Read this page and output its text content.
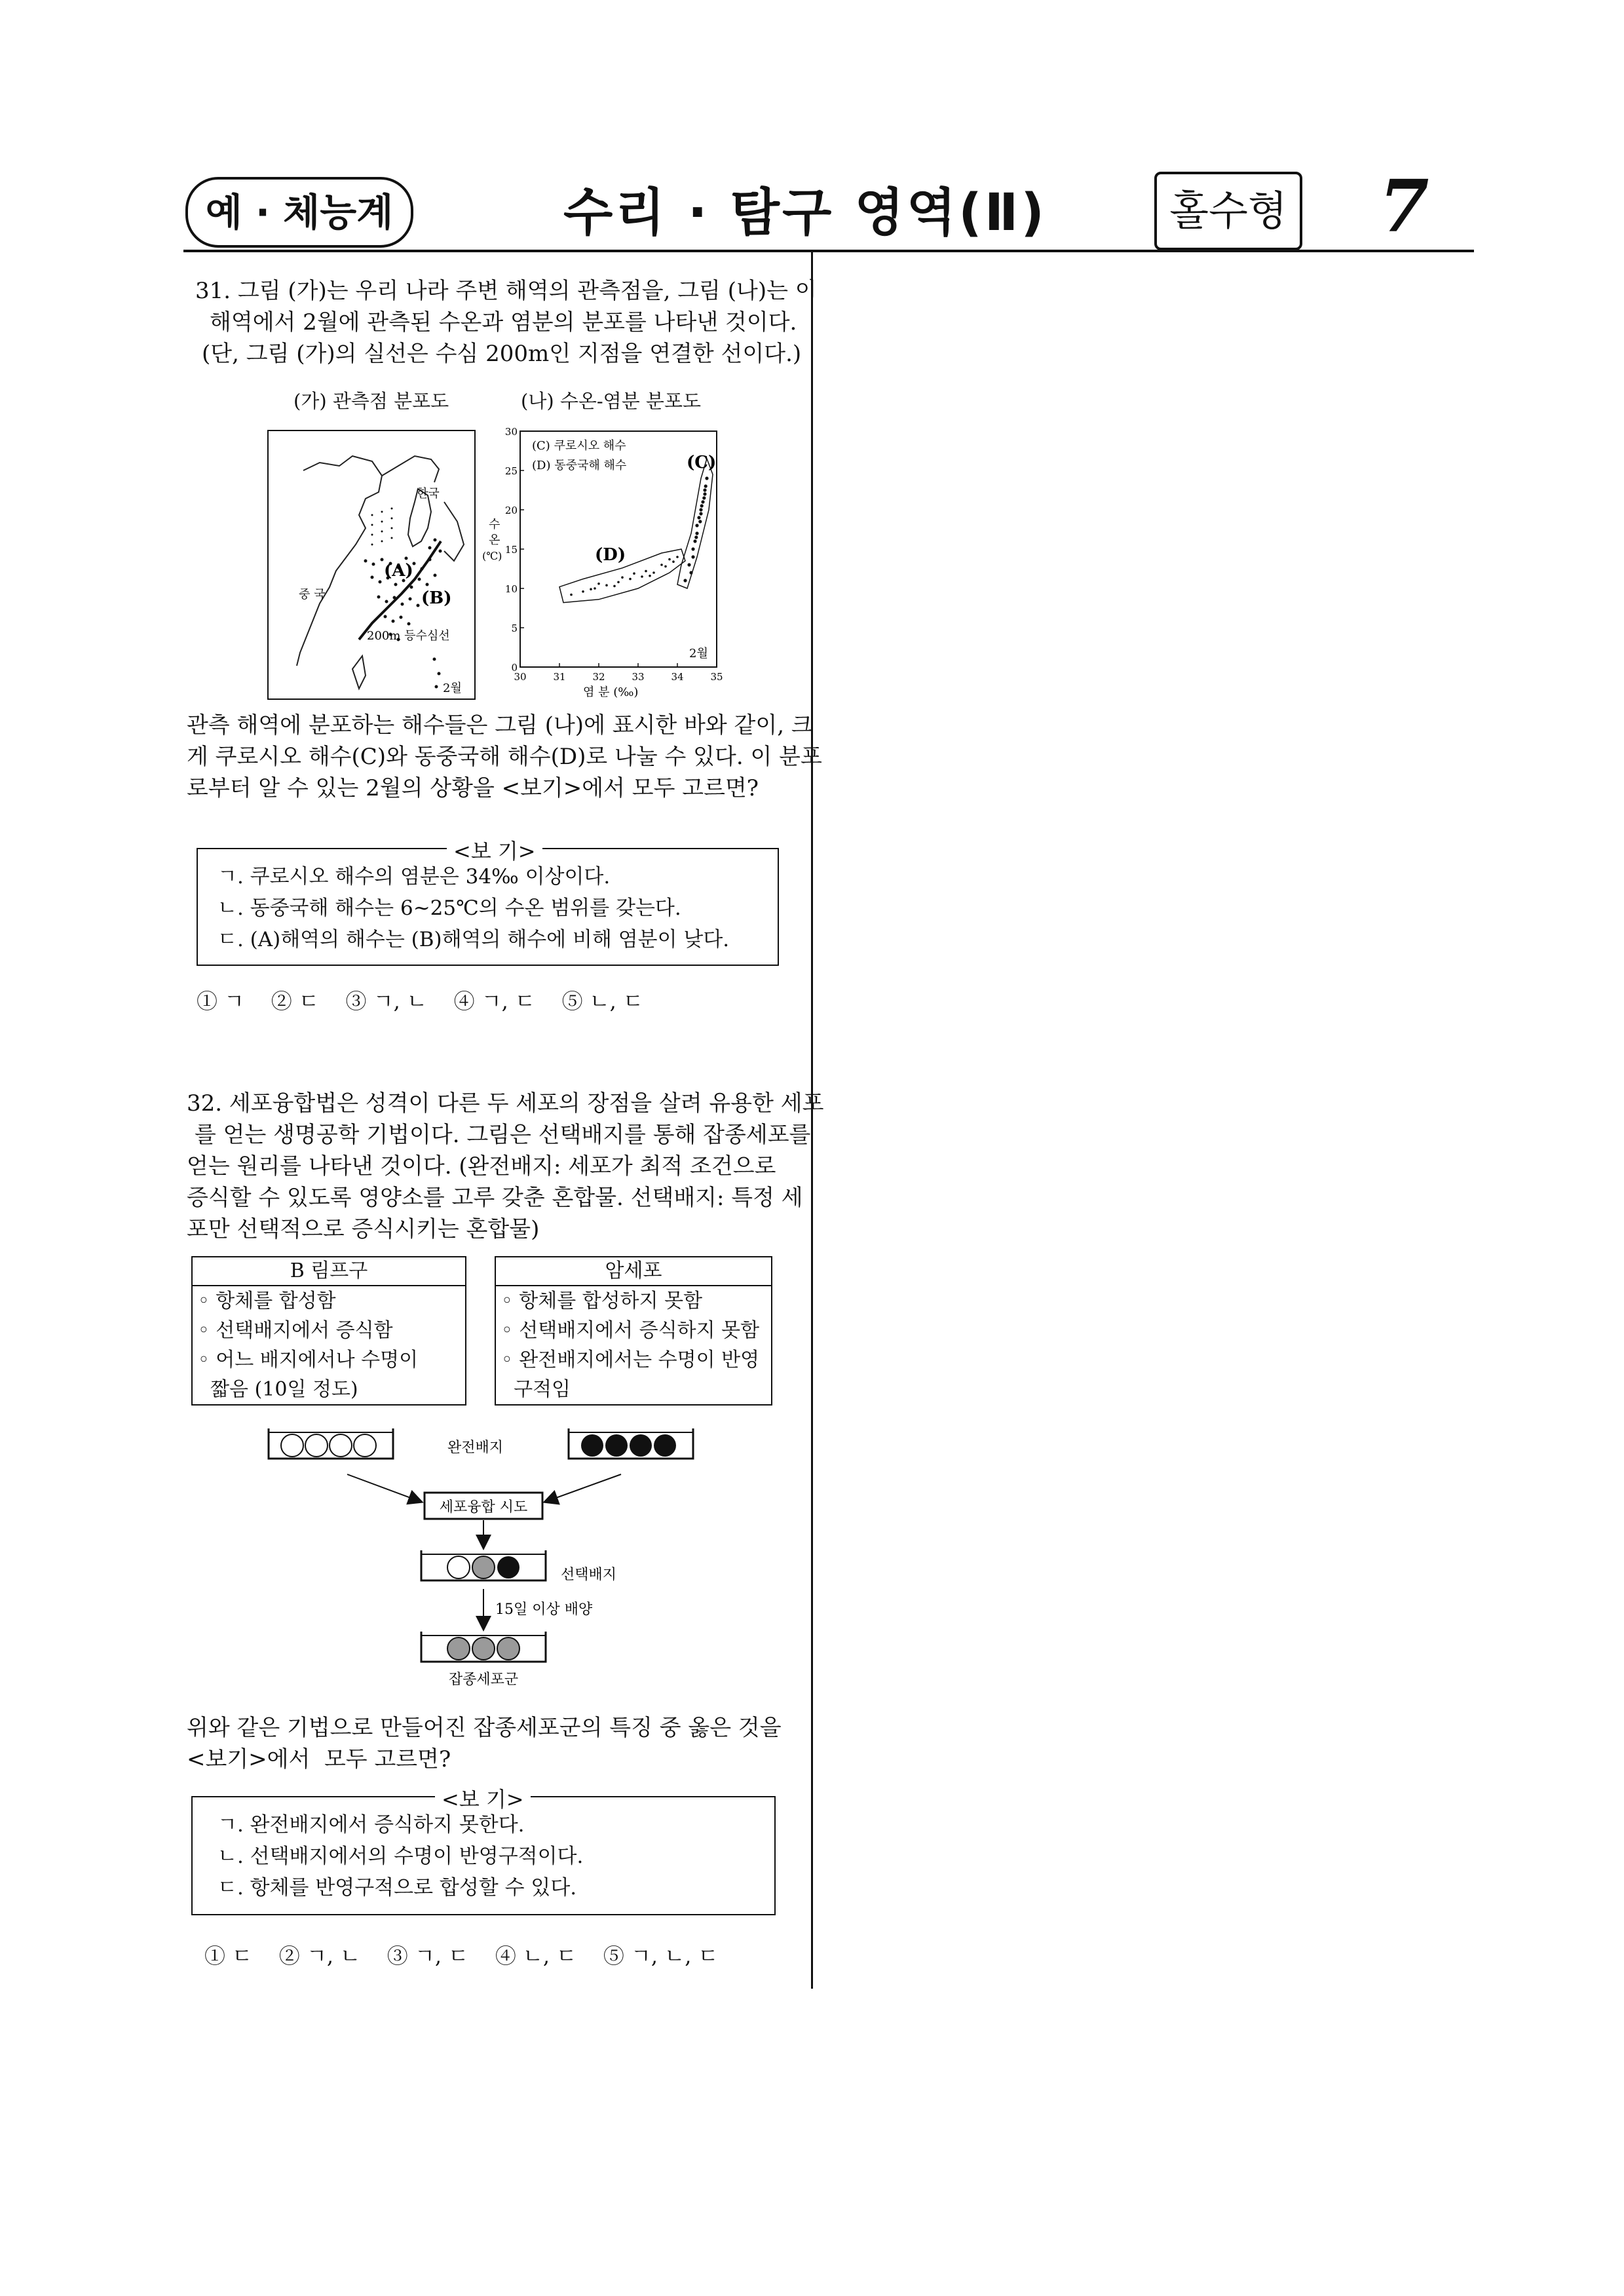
예 · 체능계	수리 · 탐구 영역(Ⅱ)	홀수형 7
31. 그림 (가)는 우리 나라 주변 해역의 관측점을, 그림 (나)는 이
해역에서 2월에 관측된 수온과 염분의 분포를 나타낸 것이다.
(단, 그림 (가)의 실선은 수심 200m인 지점을 연결한 선이다.)
(가) 관측점 분포도	(나) 수온-염분 분포도
한국
중 국
(A)
(B)
200m 등수심선
2월
0
5
10
15
20
25
30
30	31	32	33	34	35
수
온
(℃)
염 분 (‰)
(C) 쿠로시오 해수
(D) 동중국해 해수	(C)
(D)
2월
관측 해역에 분포하는 해수들은 그림 (나)에 표시한 바와 같이, 크
게 쿠로시오 해수(C)와 동중국해 해수(D)로 나눌 수 있다. 이 분포
로부터 알 수 있는 2월의 상황을 <보기>에서 모두 고르면?
<보 기>
ㄱ. 쿠로시오 해수의 염분은 34‰ 이상이다.
ㄴ. 동중국해 해수는 6~25℃의 수온 범위를 갖는다.
ㄷ. (A)해역의 해수는 (B)해역의 해수에 비해 염분이 낮다.
① ㄱ    ② ㄷ    ③ ㄱ, ㄴ    ④ ㄱ, ㄷ    ⑤ ㄴ, ㄷ
32. 세포융합법은 성격이 다른 두 세포의 장점을 살려 유용한 세포
를 얻는 생명공학 기법이다. 그림은 선택배지를 통해 잡종세포를
얻는 원리를 나타낸 것이다. (완전배지: 세포가 최적 조건으로
증식할 수 있도록 영양소를 고루 갖춘 혼합물. 선택배지: 특정 세
포만 선택적으로 증식시키는 혼합물)
B 림프구
◦ 항체를 합성함
◦ 선택배지에서 증식함
◦ 어느 배지에서나 수명이
짧음 (10일 정도)
암세포
◦ 항체를 합성하지 못함
◦ 선택배지에서 증식하지 못함
◦ 완전배지에서는 수명이 반영
구적임
완전배지
세포융합 시도
선택배지
15일 이상 배양
잡종세포군
위와 같은 기법으로 만들어진 잡종세포군의 특징 중 옳은 것을
<보기>에서  모두 고르면?
<보 기>
ㄱ. 완전배지에서 증식하지 못한다.
ㄴ. 선택배지에서의 수명이 반영구적이다.
ㄷ. 항체를 반영구적으로 합성할 수 있다.
① ㄷ    ② ㄱ, ㄴ    ③ ㄱ, ㄷ    ④ ㄴ, ㄷ    ⑤ ㄱ, ㄴ, ㄷ
